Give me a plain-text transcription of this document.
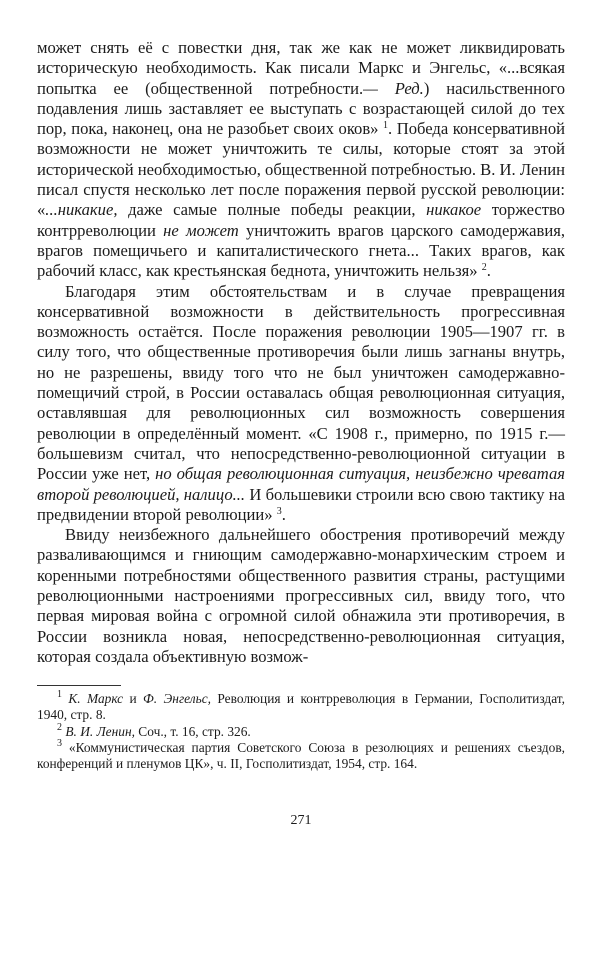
может снять её с повестки дня, так же как не может ликвидировать историческую необходимость. Как писали Маркс и Энгельс, «...всякая попытка ее (общественной потребности.— Ред.) насильственного подавления лишь заставляет ее выступать с возрастающей силой до тех пор, пока, наконец, она не разобьет своих оков» $^1$. Победа консервативной возможности не может уничтожить те силы, которые стоят за этой исторической необходимостью, общественной потребностью. В. И. Ленин писал спустя несколько лет после поражения первой русской революции: «...никакие, даже самые полные победы реакции, никакое торжество контрреволюции не может уничтожить врагов царского самодержавия, врагов помещичьего и капиталистического гнета... Таких врагов, как рабочий класс, как крестьянская беднота, уничтожить нельзя» $^2$.

Благодаря этим обстоятельствам и в случае превращения консервативной возможности в действительность прогрессивная возможность остаётся. После поражения революции 1905—1907 гг. в силу того, что общественные противоречия были лишь загнаны внутрь, но не разрешены, ввиду того что не был уничтожен самодержавно-помещичий строй, в России оставалась общая революционная ситуация, оставлявшая для революционных сил возможность совершения революции в определённый момент. «С 1908 г., примерно, по 1915 г.— большевизм считал, что непосредственно-революционной ситуации в России уже нет, но общая революционная ситуация, неизбежно чреватая второй революцией, налицо... И большевики строили всю свою тактику на предвидении второй революции» $^3$.

Ввиду неизбежного дальнейшего обострения противоречий между разваливающимся и гниющим самодержавно-монархическим строем и коренными потребностями общественного развития страны, растущими революционными настроениями прогрессивных сил, ввиду того, что первая мировая война с огромной силой обнажила эти противоречия, в России возникла новая, непосредственно-революционная ситуация, которая создала объективную возмож-

$^1$ К. Маркс и Ф. Энгельс, Революция и контрреволюция в Германии, Госполитиздат, 1940, стр. 8.

$^2$ В. И. Ленин, Соч., т. 16, стр. 326.

$^3$ «Коммунистическая партия Советского Союза в резолюциях и решениях съездов, конференций и пленумов ЦК», ч. II, Госполитиздат, 1954, стр. 164.

271
